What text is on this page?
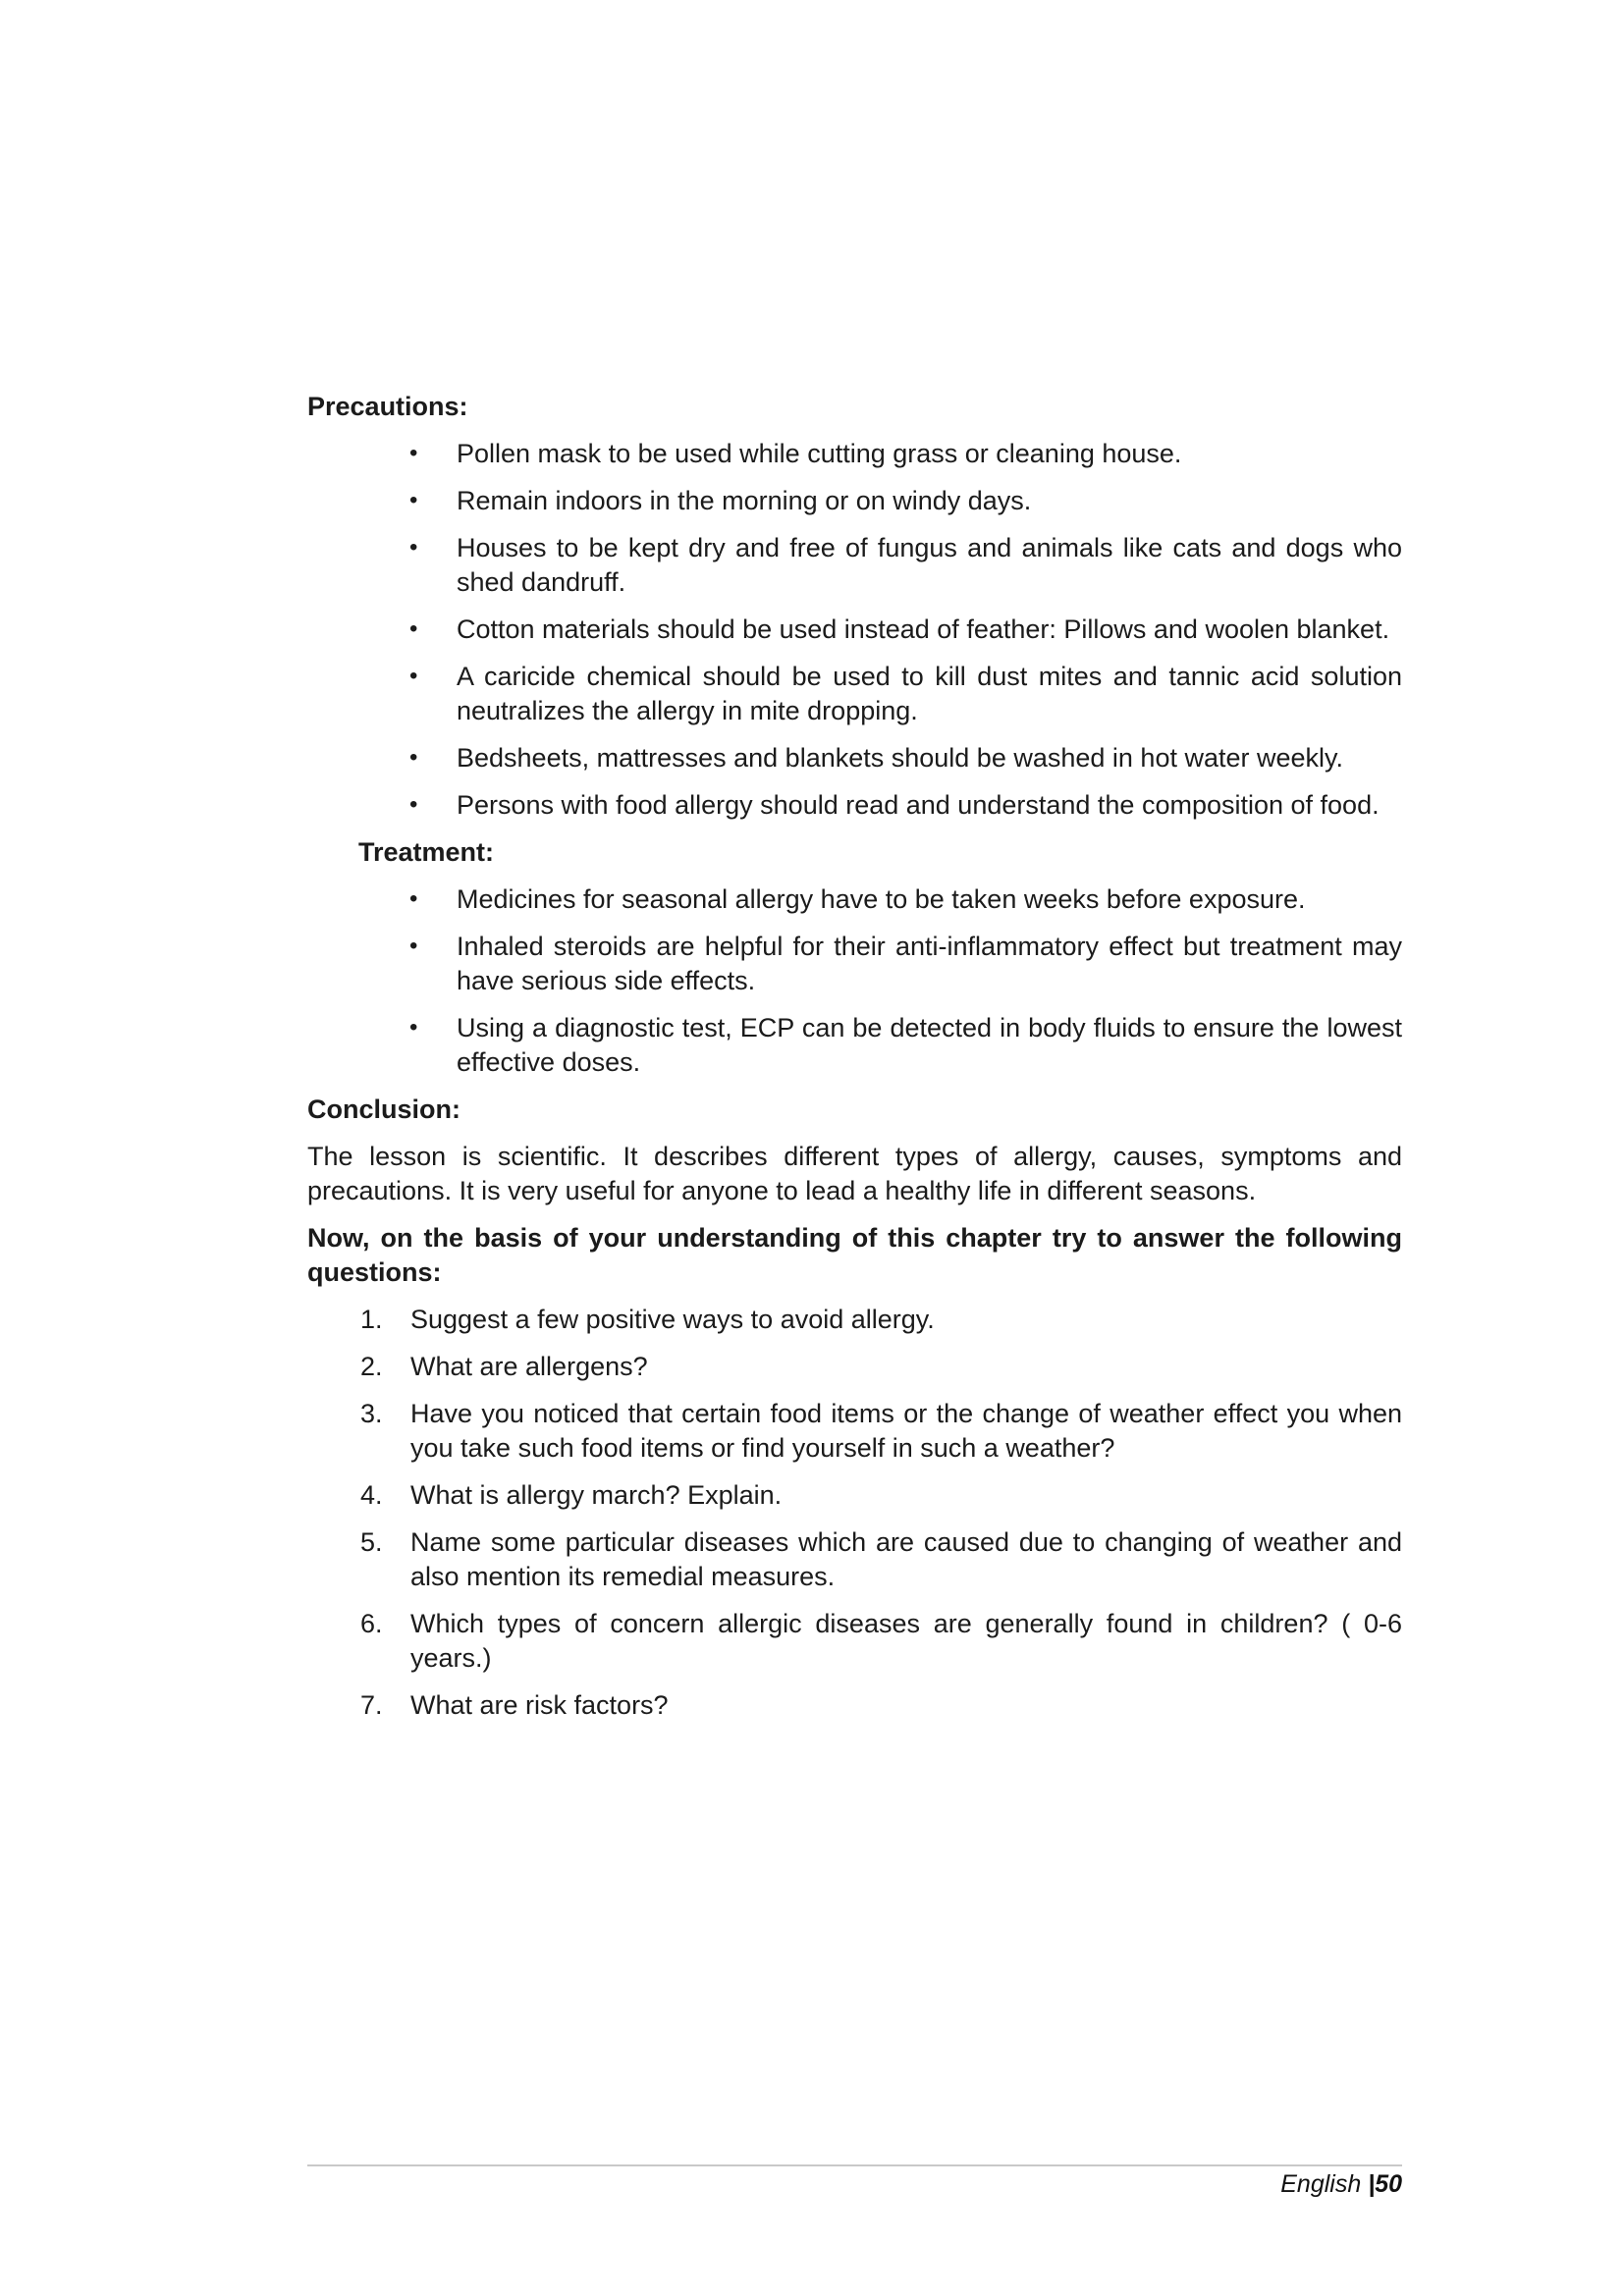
Precautions:
• Pollen mask to be used while cutting grass or cleaning house.
• Remain indoors in the morning or on windy days.
• Houses to be kept dry and free of fungus and animals like cats and dogs who shed dandruff.
• Cotton materials should be used instead of feather: Pillows and woolen blanket.
• A caricide chemical should be used to kill dust mites and tannic acid solution neutralizes the allergy in mite dropping.
• Bedsheets, mattresses and blankets should be washed in hot water weekly.
• Persons with food allergy should read and understand the composition of food.
Treatment:
• Medicines for seasonal allergy have to be taken weeks before exposure.
• Inhaled steroids are helpful for their anti-inflammatory effect but treatment may have serious side effects.
• Using a diagnostic test, ECP can be detected in body fluids to ensure the lowest effective doses.
Conclusion:

The lesson is scientific. It describes different types of allergy, causes, symptoms and precautions. It is very useful for anyone to lead a healthy life in different seasons.

Now, on the basis of your understanding of this chapter try to answer the following questions:
1. Suggest a few positive ways to avoid allergy.
2. What are allergens?
3. Have you noticed that certain food items or the change of weather effect you when you take such food items or find yourself in such a weather?
4. What is allergy march? Explain.
5. Name some particular diseases which are caused due to changing of weather and also mention its remedial measures.
6. Which types of concern allergic diseases are generally found in children? ( 0-6 years.)
7. What are risk factors?
English |50
